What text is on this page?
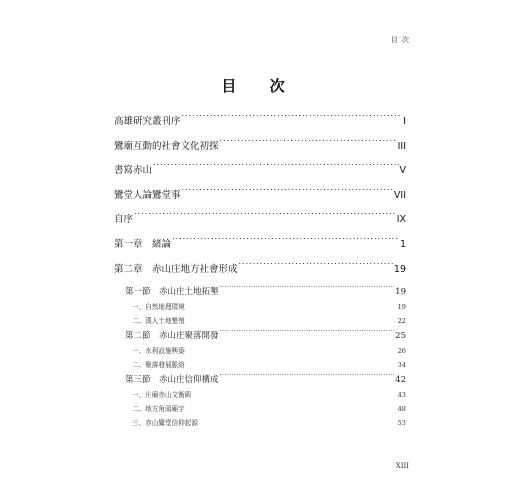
目 次
目 次
高雄研究叢刊序 .....	I
鸞廟互動的社會文化初探 .....	III
書寫赤山 .....	V
鸞堂人論鸞堂事 .....	VII
自序 .....	IX
第一章　緒論 .....	1
第二章　赤山庄地方社會形成 .....	19
第一節　赤山庄土地拓墾 .....	19
一、自然地理環境 .....	19
二、漢人土地墾殖 .....	22
第二節　赤山庄聚落開發 .....	25
一、水利設施興築 .....	26
二、聚落發展脈絡 .....	34
第三節　赤山庄信仰構成 .....	42
一、庄廟赤山文衡殿 .....	43
二、地方角頭廟宇 .....	48
三、赤山鸞堂信仰起源 .....	53
XIII
